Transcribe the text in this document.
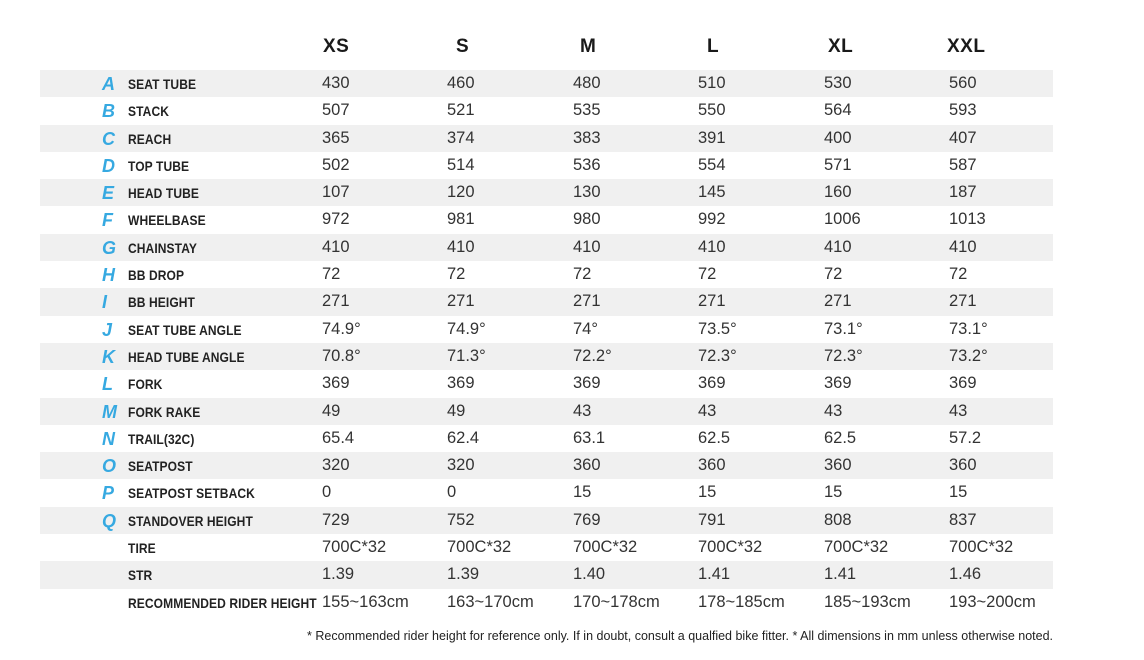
XS	S	M	L	XL	XXL
A SEAT TUBE	430	460	480	510	530	560
B STACK	507	521	535	550	564	593
C REACH	365	374	383	391	400	407
D TOP TUBE	502	514	536	554	571	587
E HEAD TUBE	107	120	130	145	160	187
F WHEELBASE	972	981	980	992	1006	1013
G CHAINSTAY	410	410	410	410	410	410
H BB DROP	72	72	72	72	72	72
I BB HEIGHT	271	271	271	271	271	271
J SEAT TUBE ANGLE	74.9°	74.9°	74°	73.5°	73.1°	73.1°
K HEAD TUBE ANGLE	70.8°	71.3°	72.2°	72.3°	72.3°	73.2°
L FORK	369	369	369	369	369	369
M FORK RAKE	49	49	43	43	43	43
N TRAIL(32C)	65.4	62.4	63.1	62.5	62.5	57.2
O SEATPOST	320	320	360	360	360	360
P SEATPOST SETBACK	0	0	15	15	15	15
Q STANDOVER HEIGHT	729	752	769	791	808	837
TIRE	700C*32	700C*32	700C*32	700C*32	700C*32	700C*32
STR	1.39	1.39	1.40	1.41	1.41	1.46
RECOMMENDED RIDER HEIGHT 155~163cm 163~170cm 170~178cm 178~185cm 185~193cm 193~200cm
* Recommended rider height for reference only. If in doubt, consult a qualfied bike fitter. * All dimensions in mm unless otherwise noted.
